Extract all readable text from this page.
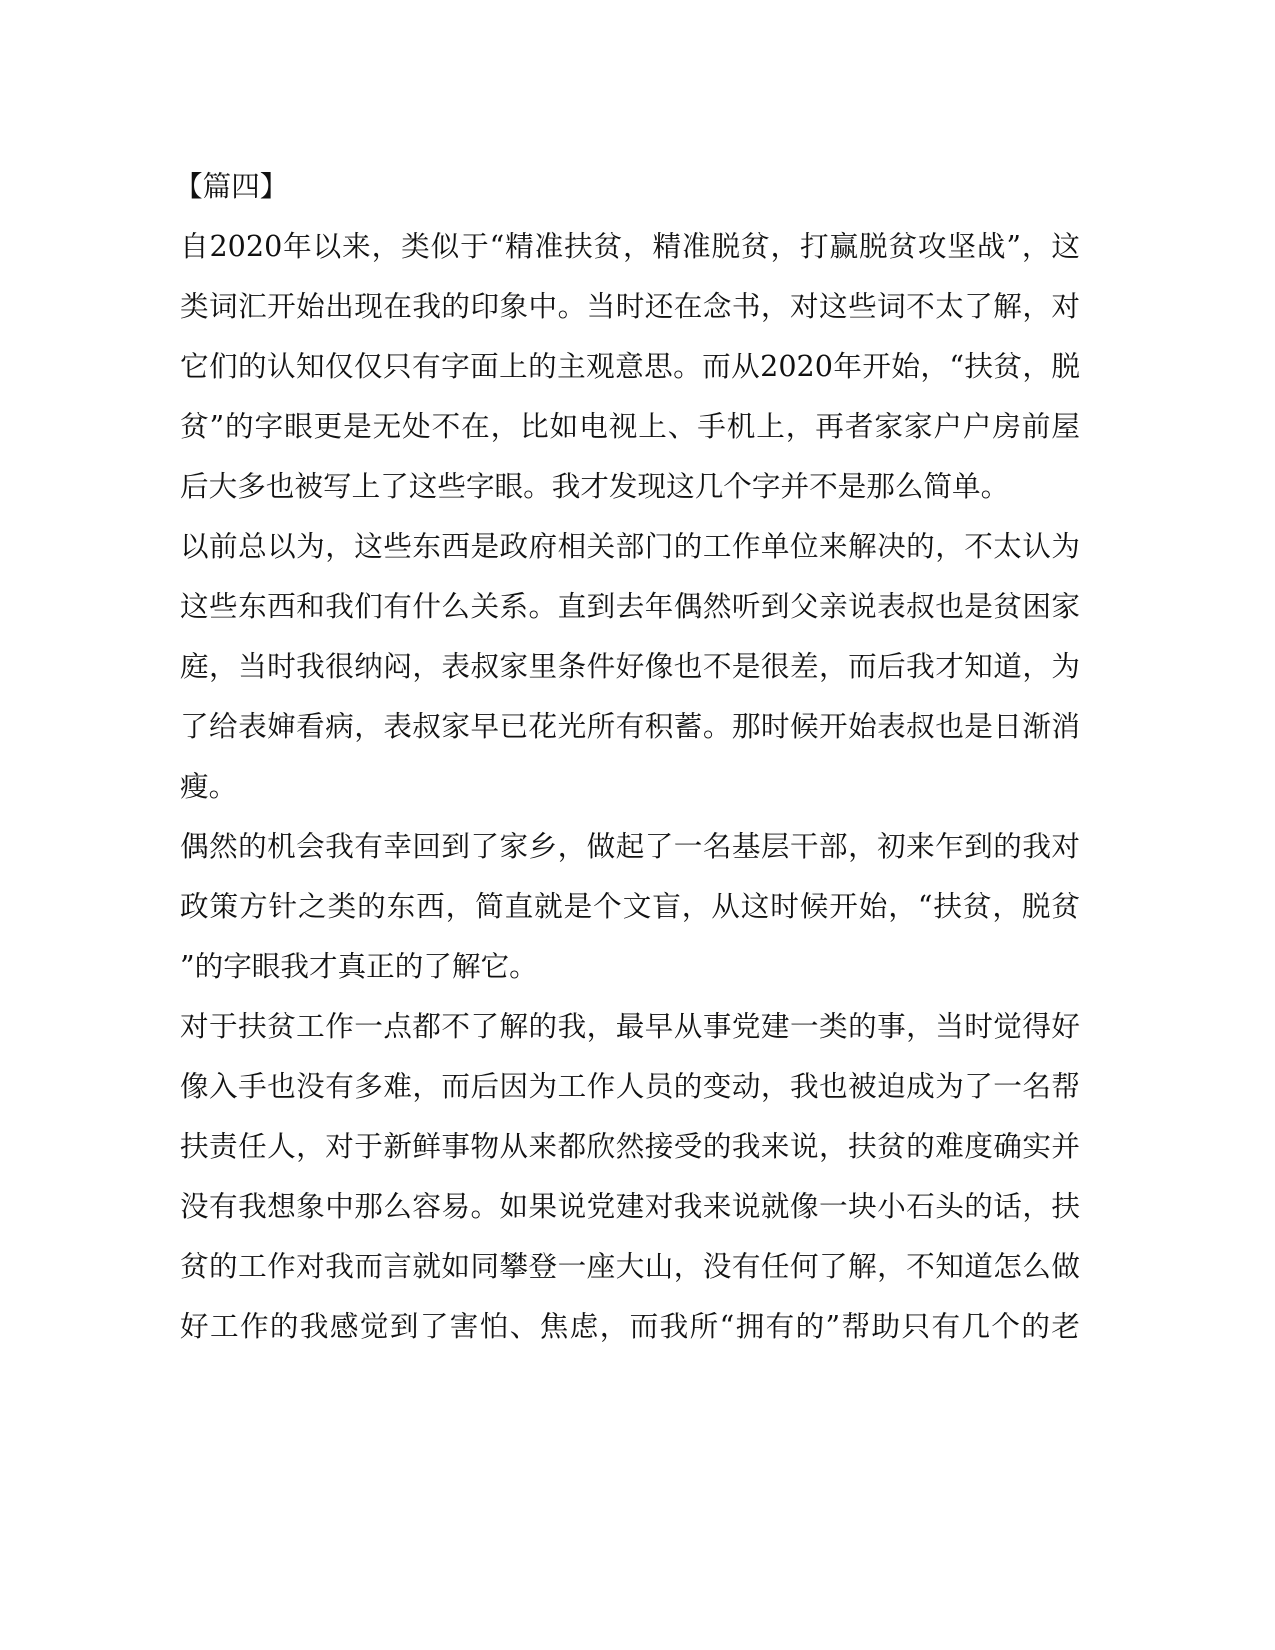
【篇四】
自2020年以来，类似于“精准扶贫，精准脱贫，打赢脱贫攻坚战”，这
类词汇开始出现在我的印象中。当时还在念书，对这些词不太了解，对
它们的认知仅仅只有字面上的主观意思。而从2020年开始，“扶贫，脱
贫”的字眼更是无处不在，比如电视上、手机上，再者家家户户房前屋
后大多也被写上了这些字眼。我才发现这几个字并不是那么简单。
以前总以为，这些东西是政府相关部门的工作单位来解决的，不太认为
这些东西和我们有什么关系。直到去年偶然听到父亲说表叔也是贫困家
庭，当时我很纳闷，表叔家里条件好像也不是很差，而后我才知道，为
了给表婶看病，表叔家早已花光所有积蓄。那时候开始表叔也是日渐消
瘦。
偶然的机会我有幸回到了家乡，做起了一名基层干部，初来乍到的我对
政策方针之类的东西，简直就是个文盲，从这时候开始，“扶贫，脱贫
”的字眼我才真正的了解它。
对于扶贫工作一点都不了解的我，最早从事党建一类的事，当时觉得好
像入手也没有多难，而后因为工作人员的变动，我也被迫成为了一名帮
扶责任人，对于新鲜事物从来都欣然接受的我来说，扶贫的难度确实并
没有我想象中那么容易。如果说党建对我来说就像一块小石头的话，扶
贫的工作对我而言就如同攀登一座大山，没有任何了解，不知道怎么做
好工作的我感觉到了害怕、焦虑，而我所“拥有的”帮助只有几个的老
